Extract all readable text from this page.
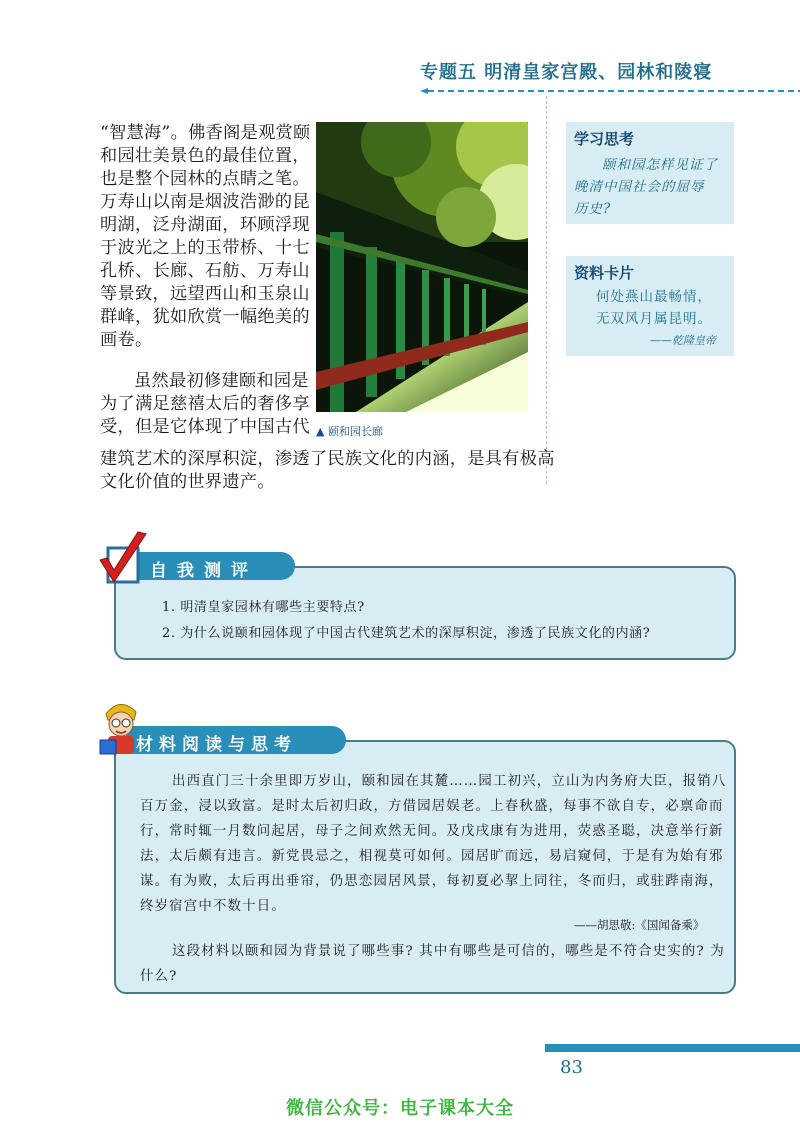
专题五 明清皇家宫殿、园林和陵寝
“智慧海”。佛香阁是观赏颐
和园壮美景色的最佳位置，
也是整个园林的点睛之笔。
万寿山以南是烟波浩渺的昆
明湖，泛舟湖面，环顾浮现
于波光之上的玉带桥、十七
孔桥、长廊、石舫、万寿山
等景致，远望西山和玉泉山
群峰，犹如欣赏一幅绝美的
画卷。
虽然最初修建颐和园是
为了满足慈禧太后的奢侈享
受，但是它体现了中国古代
建筑艺术的深厚积淀，渗透了民族文化的内涵，是具有极高
文化价值的世界遗产。
▲ 颐和园长廊
学习思考
颐和园怎样见证了
晚清中国社会的屈辱
历史?
资料卡片
何处燕山最畅情，
无双风月属昆明。
——乾隆皇帝
自我测评
1. 明清皇家园林有哪些主要特点?
2. 为什么说颐和园体现了中国古代建筑艺术的深厚积淀，渗透了民族文化的内涵?
材料阅读与思考
出西直门三十余里即万岁山，颐和园在其麓……园工初兴，立山为内务府大臣，报销八
百万金，浸以致富。是时太后初归政，方借园居娱老。上春秋盛，每事不欲自专，必禀命而
行，常时辄一月数问起居，母子之间欢然无间。及戊戌康有为进用，荧惑圣聪，决意举行新
法，太后颇有违言。新党畏忌之，相视莫可如何。园居旷而远，易启窥伺，于是有为始有邪
谋。有为败，太后再出垂帘，仍思恋园居风景，每初夏必挈上同往，冬而归，或驻跸南海，
终岁宿宫中不数十日。
——胡思敬:《国闻备乘》
这段材料以颐和园为背景说了哪些事? 其中有哪些是可信的，哪些是不符合史实的? 为
什么?
83
微信公众号：电子课本大全
